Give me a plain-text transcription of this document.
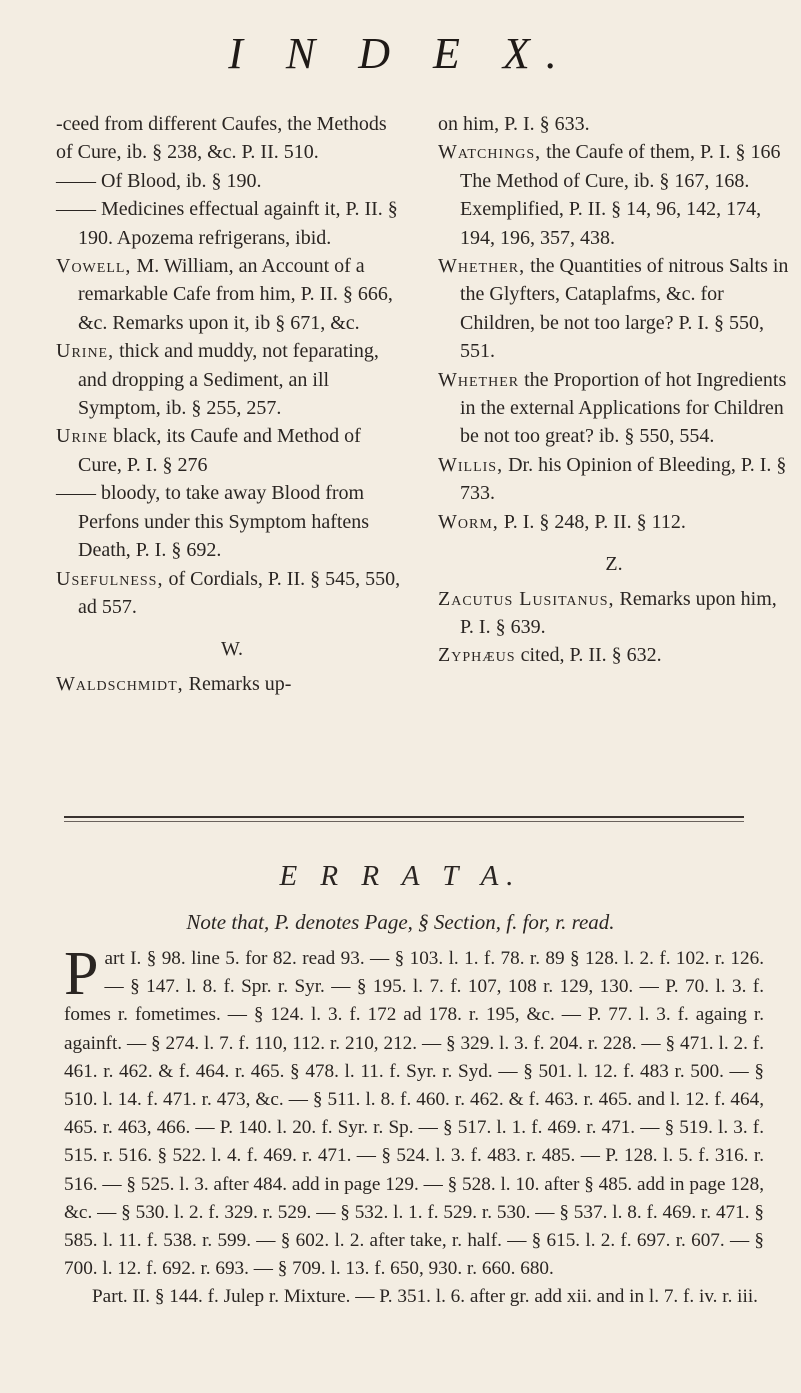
I N D E X.

-ceed from different Caufes, the Methods of Cure, ib. § 238, &c. P. II. 510.

—— Of Blood, ib. § 190.

—— Medicines effectual againft it, P. II. § 190. Apozema refrigerans, ibid.

Vowell, M. William, an Account of a remarkable Cafe from him, P. II. § 666, &c. Remarks upon it, ib § 671, &c.

Urine, thick and muddy, not feparating, and dropping a Sediment, an ill Symptom, ib. § 255, 257.

Urine black, its Caufe and Method of Cure, P. I. § 276

—— bloody, to take away Blood from Perfons under this Symptom haftens Death, P. I. § 692.

Usefulness, of Cordials, P. II. § 545, 550, ad 557.

W.

Waldschmidt, Remarks up-

on him, P. I. § 633.

Watchings, the Caufe of them, P. I. § 166 The Method of Cure, ib. § 167, 168. Exemplified, P. II. § 14, 96, 142, 174, 194, 196, 357, 438.

Whether, the Quantities of nitrous Salts in the Glyfters, Cataplafms, &c. for Children, be not too large? P. I. § 550, 551.

Whether the Proportion of hot Ingredients in the external Applications for Children be not too great? ib. § 550, 554.

Willis, Dr. his Opinion of Bleeding, P. I. § 733.

Worm, P. I. § 248, P. II. § 112.

Z.

Zacutus Lusitanus, Remarks upon him, P. I. § 639.

Zyphæus cited, P. II. § 632.

E R R A T A.
Note that, P. denotes Page, § Section, f. for, r. read.

Part I. § 98. line 5. for 82. read 93. — § 103. l. 1. f. 78. r. 89 § 128. l. 2. f. 102. r. 126. — § 147. l. 8. f. Spr. r. Syr. — § 195. l. 7. f. 107, 108 r. 129, 130. — P. 70. l. 3. f. fomes r. fometimes. — § 124. l. 3. f. 172 ad 178. r. 195, &c. — P. 77. l. 3. f. againg r. againft. — § 274. l. 7. f. 110, 112. r. 210, 212. — § 329. l. 3. f. 204. r. 228. — § 471. l. 2. f. 461. r. 462. & f. 464. r. 465. § 478. l. 11. f. Syr. r. Syd. — § 501. l. 12. f. 483 r. 500. — § 510. l. 14. f. 471. r. 473, &c. — § 511. l. 8. f. 460. r. 462. & f. 463. r. 465. and l. 12. f. 464, 465. r. 463, 466. — P. 140. l. 20. f. Syr. r. Sp. — § 517. l. 1. f. 469. r. 471. — § 519. l. 3. f. 515. r. 516. § 522. l. 4. f. 469. r. 471. — § 524. l. 3. f. 483. r. 485. — P. 128. l. 5. f. 316. r. 516. — § 525. l. 3. after 484. add in page 129. — § 528. l. 10. after § 485. add in page 128, &c. — § 530. l. 2. f. 329. r. 529. — § 532. l. 1. f. 529. r. 530. — § 537. l. 8. f. 469. r. 471. § 585. l. 11. f. 538. r. 599. — § 602. l. 2. after take, r. half. — § 615. l. 2. f. 697. r. 607. — § 700. l. 12. f. 692. r. 693. — § 709. l. 13. f. 650, 930. r. 660. 680.

Part. II. § 144. f. Julep r. Mixture. — P. 351. l. 6. after gr. add xii. and in l. 7. f. iv. r. iii.
